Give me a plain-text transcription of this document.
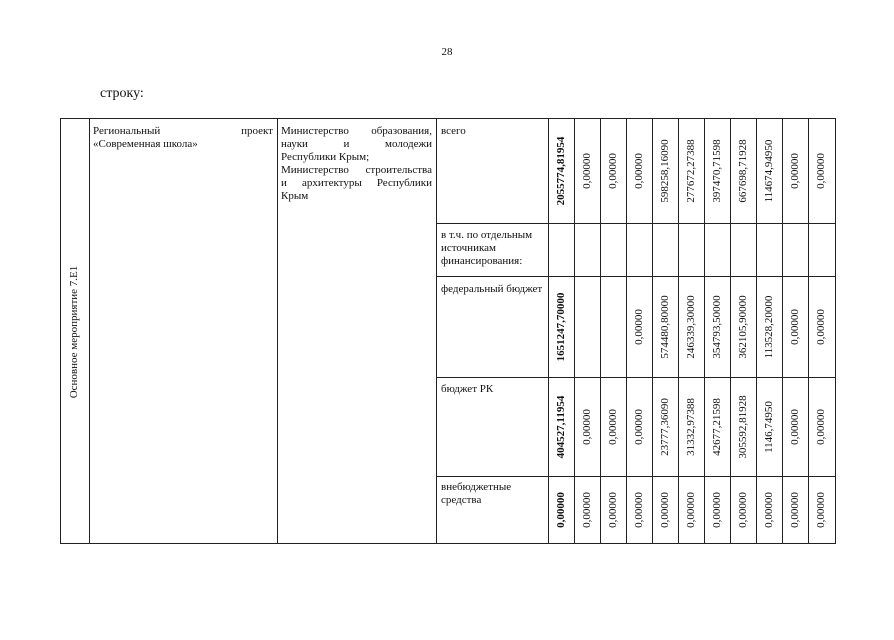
28
строку:
Основное мероприятие 7.Е1
Региональный	проект
«Современная школа»
Министерство образования,
науки и молодежи
Республики Крым;
Министерство строительства
и архитектуры Республики
Крым
всего
в т.ч. по отдельным источникам финансирования:
федеральный бюджет
бюджет РК
внебюджетные средства
2055774,81954 0,00000 0,00000 0,00000 598258,16090 277672,27388 397470,71598 667698,71928 114674,94950 0,00000 0,00000
1651247,70000	0,00000 574480,80000 246339,30000 354793,50000 362105,90000 113528,20000 0,00000 0,00000
404527,11954 0,00000 0,00000 0,00000 23777,36090 31332,97388 42677,21598 305592,81928 1146,74950 0,00000 0,00000
0,00000 0,00000 0,00000 0,00000 0,00000 0,00000 0,00000 0,00000 0,00000 0,00000 0,00000
